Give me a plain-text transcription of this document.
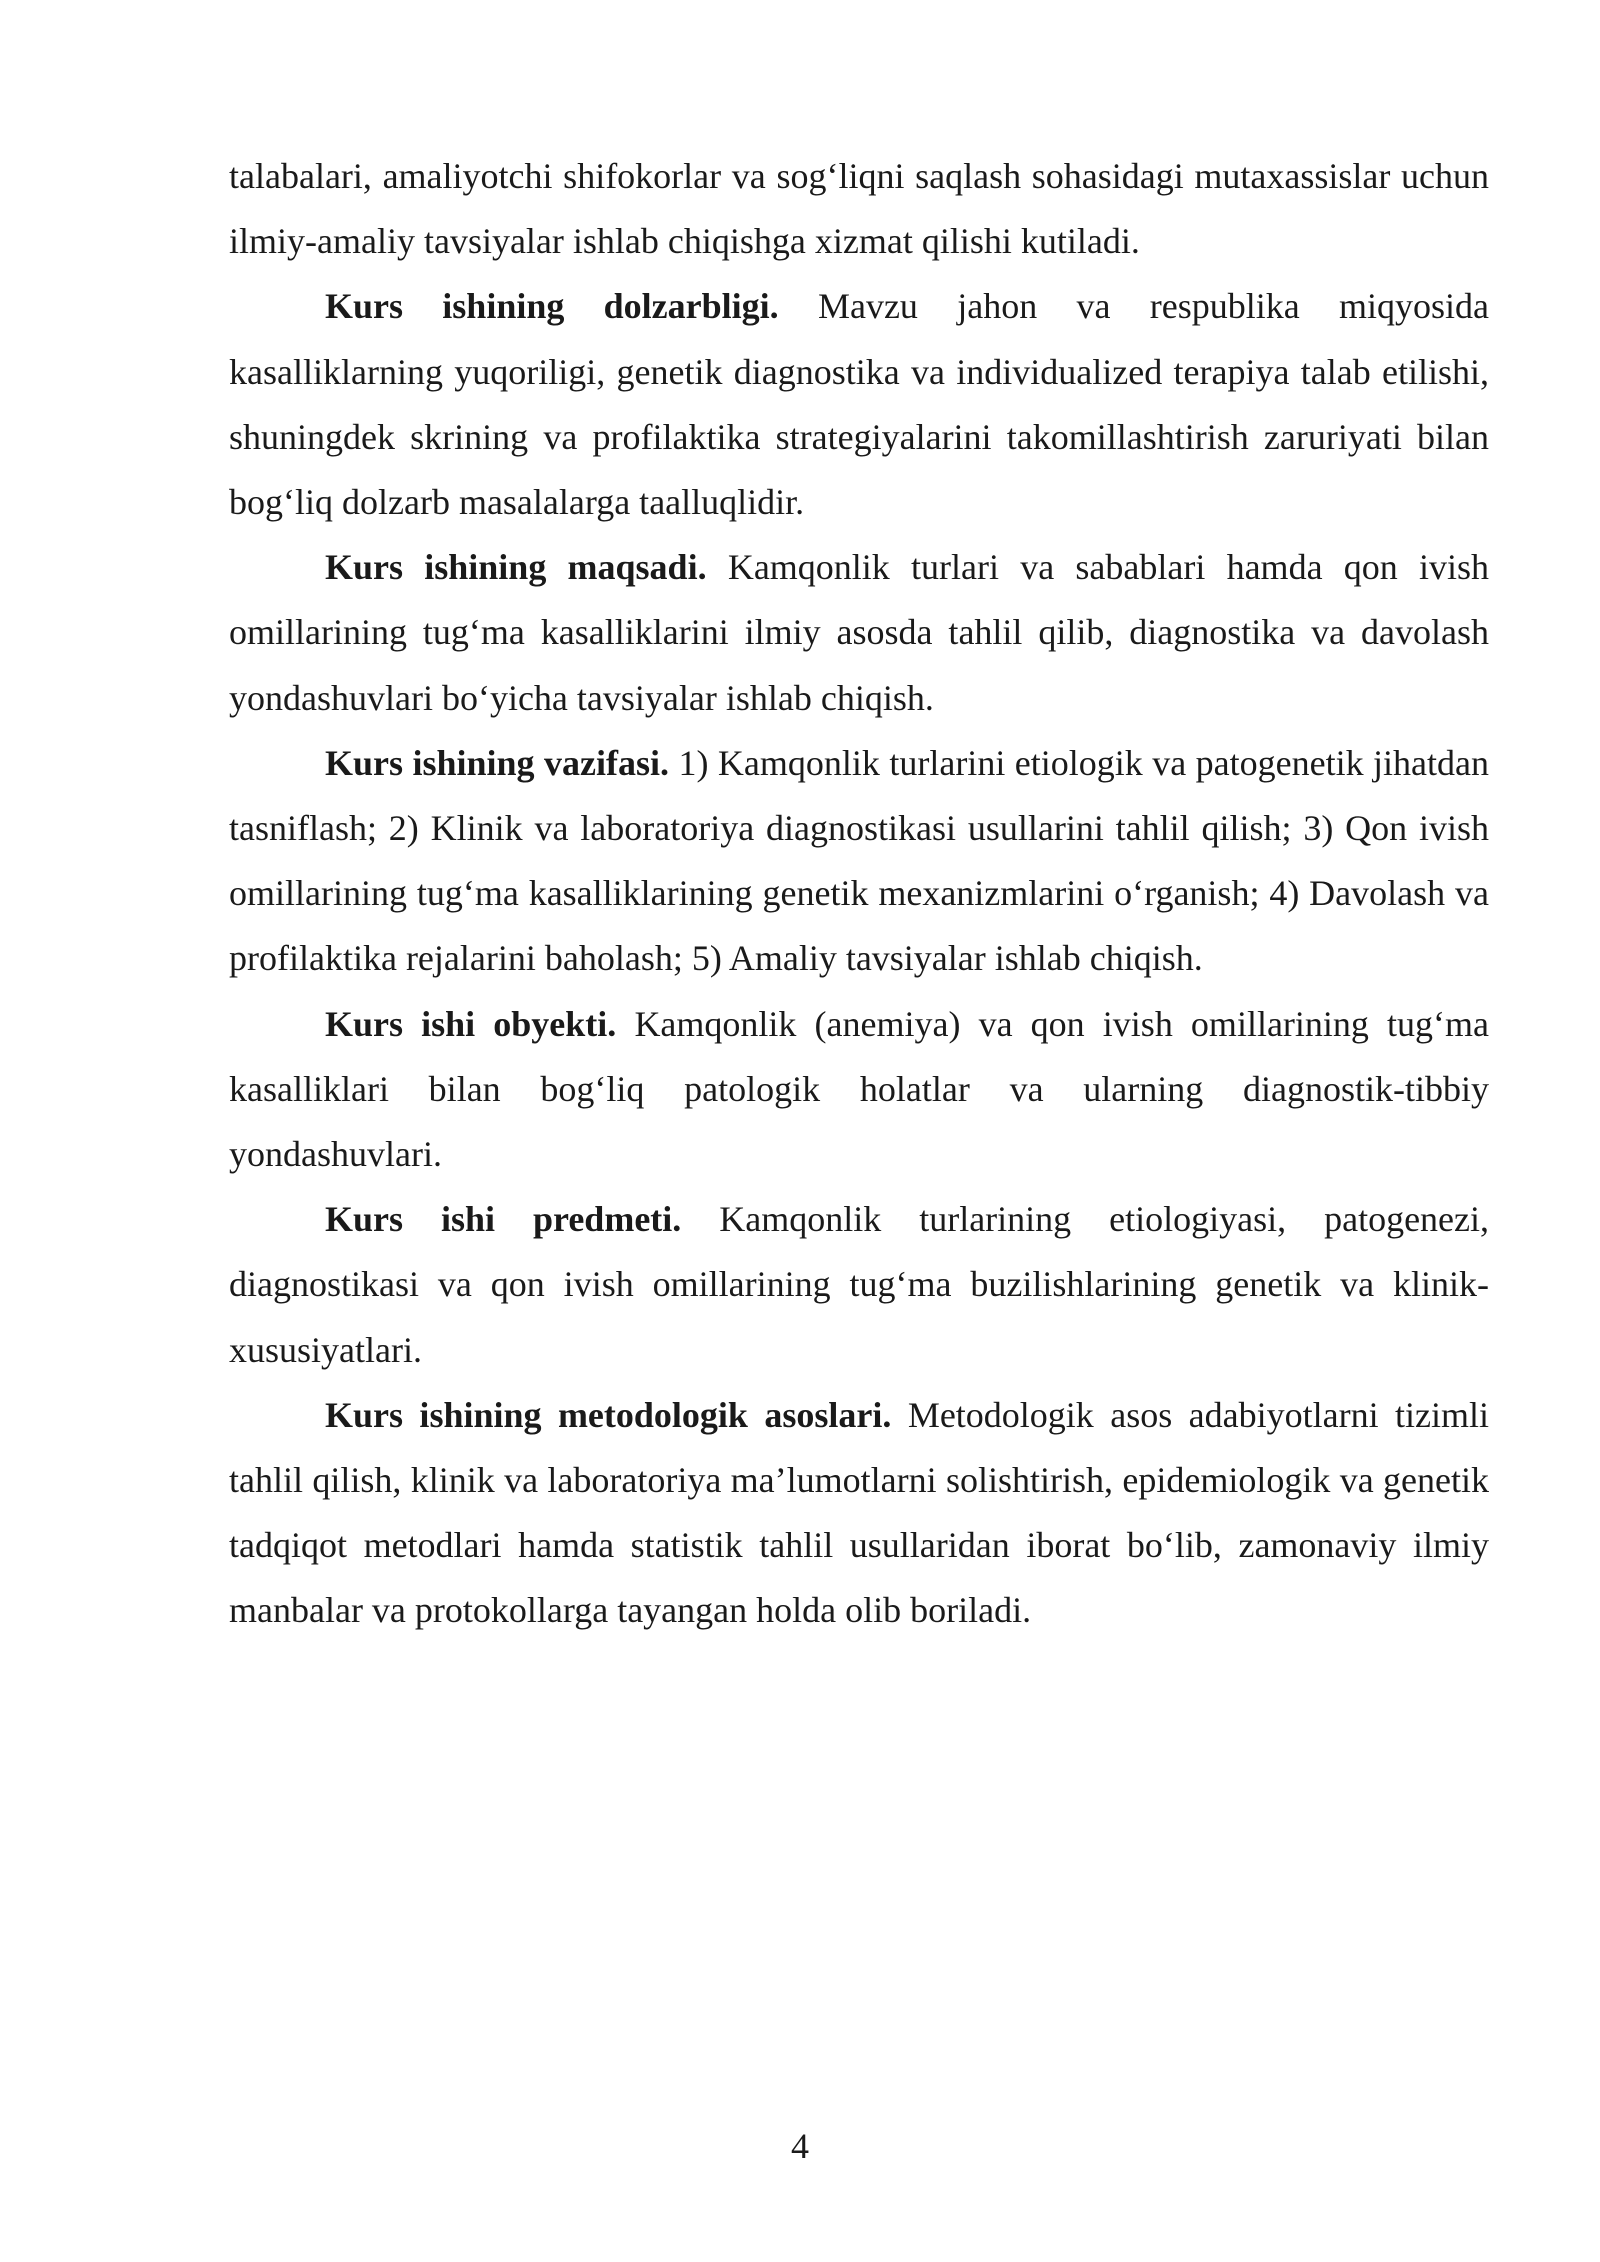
talabalari, amaliyotchi shifokorlar va sog‘liqni saqlash sohasidagi mutaxassislar uchun ilmiy-amaliy tavsiyalar ishlab chiqishga xizmat qilishi kutiladi.

Kurs ishining dolzarbligi. Mavzu jahon va respublika miqyosida kasalliklarning yuqoriligi, genetik diagnostika va individualized terapiya talab etilishi, shuningdek skrining va profilaktika strategiyalarini takomillashtirish zaruriyati bilan bog‘liq dolzarb masalalarga taalluqlidir.

Kurs ishining maqsadi. Kamqonlik turlari va sabablari hamda qon ivish omillarining tug‘ma kasalliklarini ilmiy asosda tahlil qilib, diagnostika va davolash yondashuvlari bo‘yicha tavsiyalar ishlab chiqish.

Kurs ishining vazifasi. 1) Kamqonlik turlarini etiologik va patogenetik jihatdan tasniflash; 2) Klinik va laboratoriya diagnostikasi usullarini tahlil qilish; 3) Qon ivish omillarining tug‘ma kasalliklarining genetik mexanizmlarini o‘rganish; 4) Davolash va profilaktika rejalarini baholash; 5) Amaliy tavsiyalar ishlab chiqish.

Kurs ishi obyekti. Kamqonlik (anemiya) va qon ivish omillarining tug‘ma kasalliklari bilan bog‘liq patologik holatlar va ularning diagnostik-tibbiy yondashuvlari.

Kurs ishi predmeti. Kamqonlik turlarining etiologiyasi, patogenezi, diagnostikasi va qon ivish omillarining tug‘ma buzilishlarining genetik va klinik-xususiyatlari.

Kurs ishining metodologik asoslari. Metodologik asos adabiyotlarni tizimli tahlil qilish, klinik va laboratoriya ma’lumotlarni solishtirish, epidemiologik va genetik tadqiqot metodlari hamda statistik tahlil usullaridan iborat bo‘lib, zamonaviy ilmiy manbalar va protokollarga tayangan holda olib boriladi.

4
